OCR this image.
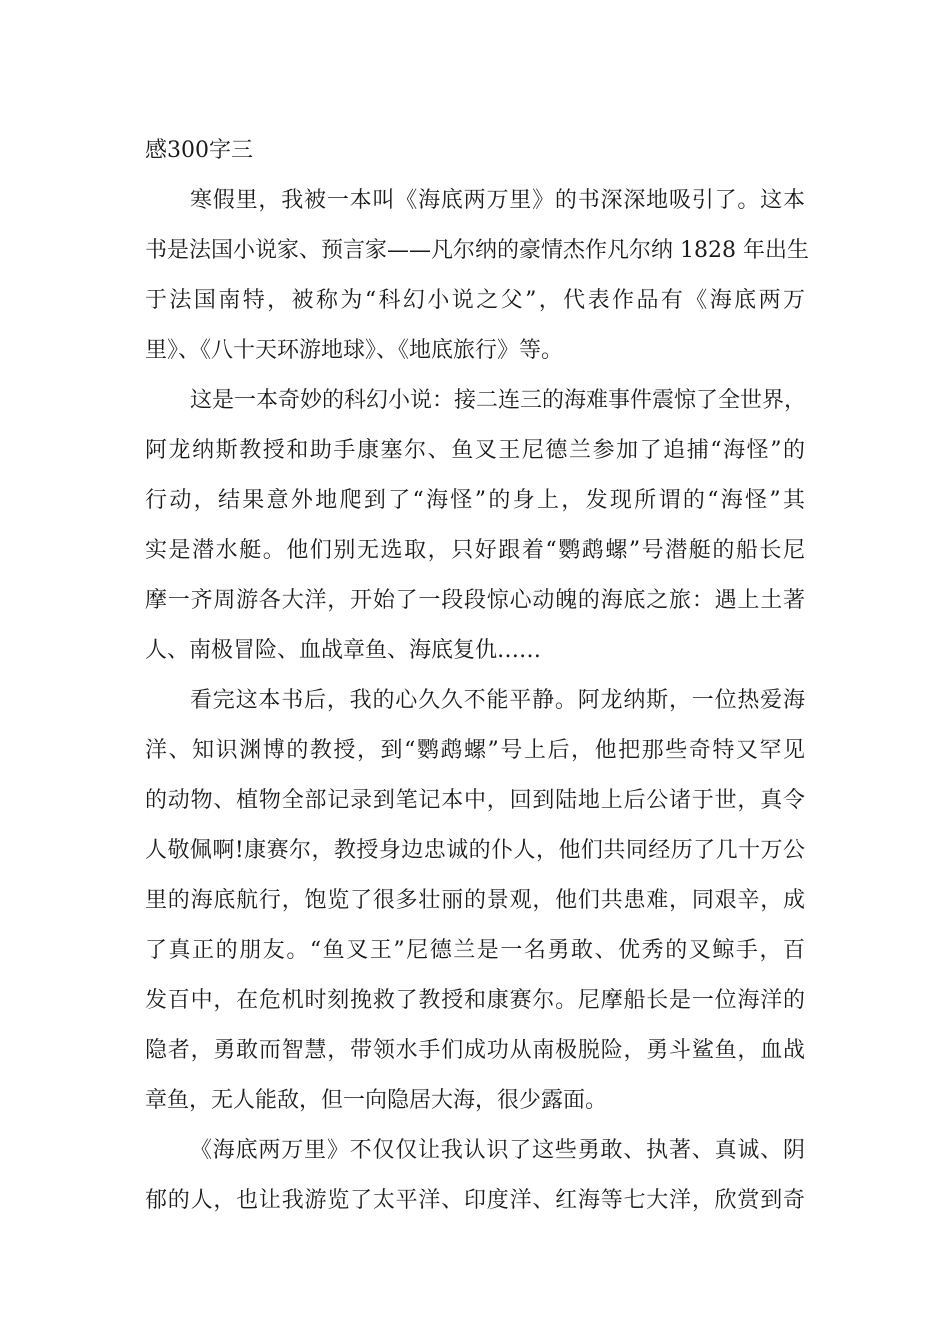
感300字三
寒假里，我被一本叫《海底两万里》的书深深地吸引了。这本
书是法国小说家、预言家——凡尔纳的豪情杰作凡尔纳 1828 年出生
于法国南特，被称为“科幻小说之父”，代表作品有《海底两万
里》、《八十天环游地球》、《地底旅行》等。
这是一本奇妙的科幻小说：接二连三的海难事件震惊了全世界，
阿龙纳斯教授和助手康塞尔、鱼叉王尼德兰参加了追捕“海怪”的
行动，结果意外地爬到了“海怪”的身上，发现所谓的“海怪”其
实是潜水艇。他们别无选取，只好跟着“鹦鹉螺”号潜艇的船长尼
摩一齐周游各大洋，开始了一段段惊心动魄的海底之旅：遇上土著
人、南极冒险、血战章鱼、海底复仇……
看完这本书后，我的心久久不能平静。阿龙纳斯，一位热爱海
洋、知识渊博的教授，到“鹦鹉螺”号上后，他把那些奇特又罕见
的动物、植物全部记录到笔记本中，回到陆地上后公诸于世，真令
人敬佩啊!康赛尔，教授身边忠诚的仆人，他们共同经历了几十万公
里的海底航行，饱览了很多壮丽的景观，他们共患难，同艰辛，成
了真正的朋友。“鱼叉王”尼德兰是一名勇敢、优秀的叉鲸手，百
发百中，在危机时刻挽救了教授和康赛尔。尼摩船长是一位海洋的
隐者，勇敢而智慧，带领水手们成功从南极脱险，勇斗鲨鱼，血战
章鱼，无人能敌，但一向隐居大海，很少露面。
《海底两万里》不仅仅让我认识了这些勇敢、执著、真诚、阴
郁的人，也让我游览了太平洋、印度洋、红海等七大洋，欣赏到奇
